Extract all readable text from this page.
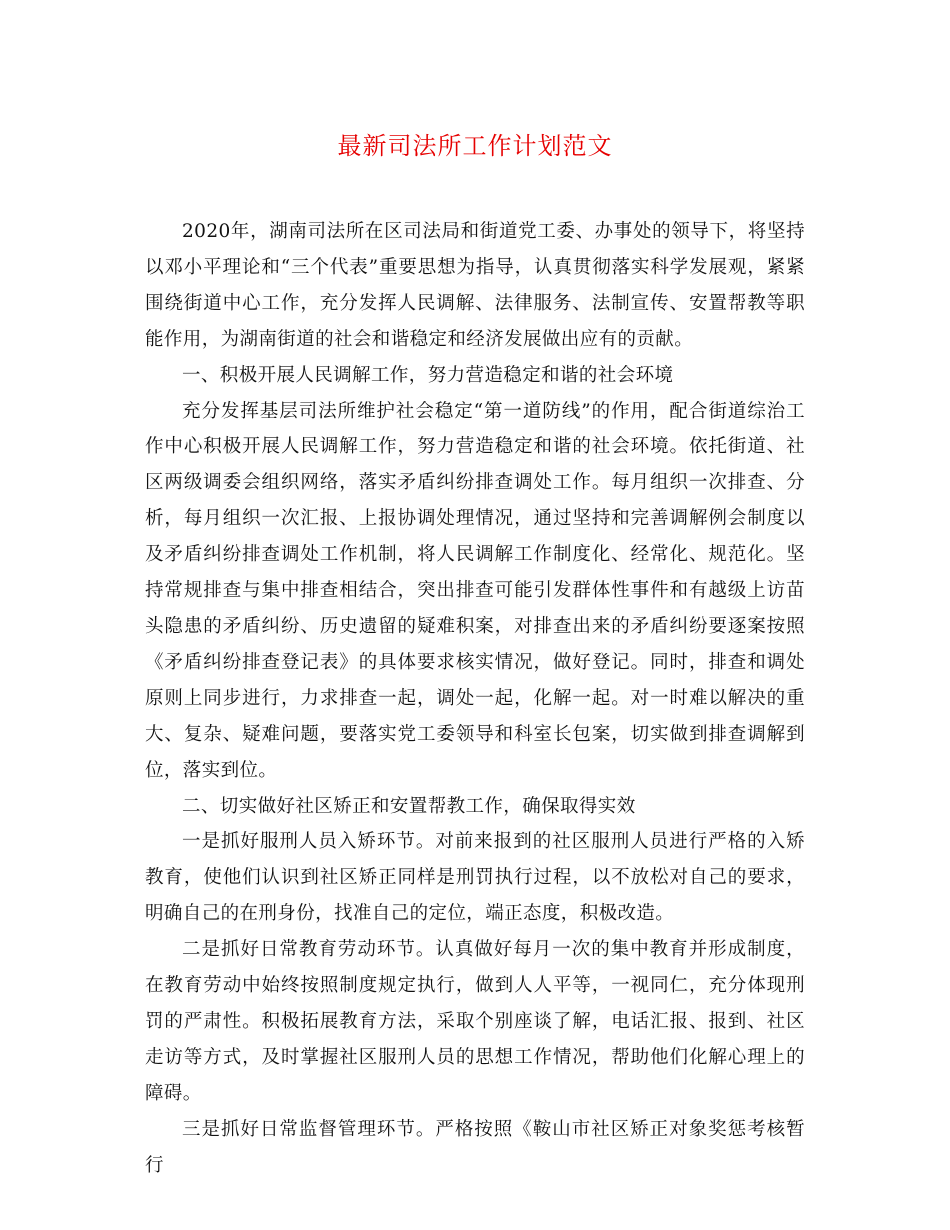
最新司法所工作计划范文

2020年，湖南司法所在区司法局和街道党工委、办事处的领导下，将坚持以邓小平理论和“三个代表”重要思想为指导，认真贯彻落实科学发展观，紧紧围绕街道中心工作，充分发挥人民调解、法律服务、法制宣传、安置帮教等职能作用，为湖南街道的社会和谐稳定和经济发展做出应有的贡献。

一、积极开展人民调解工作，努力营造稳定和谐的社会环境

充分发挥基层司法所维护社会稳定“第一道防线”的作用，配合街道综治工作中心积极开展人民调解工作，努力营造稳定和谐的社会环境。依托街道、社区两级调委会组织网络，落实矛盾纠纷排查调处工作。每月组织一次排查、分析，每月组织一次汇报、上报协调处理情况，通过坚持和完善调解例会制度以及矛盾纠纷排查调处工作机制，将人民调解工作制度化、经常化、规范化。坚持常规排查与集中排查相结合，突出排查可能引发群体性事件和有越级上访苗头隐患的矛盾纠纷、历史遗留的疑难积案，对排查出来的矛盾纠纷要逐案按照《矛盾纠纷排查登记表》的具体要求核实情况，做好登记。同时，排查和调处原则上同步进行，力求排查一起，调处一起，化解一起。对一时难以解决的重大、复杂、疑难问题，要落实党工委领导和科室长包案，切实做到排查调解到位，落实到位。

二、切实做好社区矫正和安置帮教工作，确保取得实效

一是抓好服刑人员入矫环节。对前来报到的社区服刑人员进行严格的入矫教育，使他们认识到社区矫正同样是刑罚执行过程，以不放松对自己的要求，明确自己的在刑身份，找准自己的定位，端正态度，积极改造。

二是抓好日常教育劳动环节。认真做好每月一次的集中教育并形成制度，在教育劳动中始终按照制度规定执行，做到人人平等，一视同仁，充分体现刑罚的严肃性。积极拓展教育方法，采取个别座谈了解，电话汇报、报到、社区走访等方式，及时掌握社区服刑人员的思想工作情况，帮助他们化解心理上的障碍。

三是抓好日常监督管理环节。严格按照《鞍山市社区矫正对象奖惩考核暂行
